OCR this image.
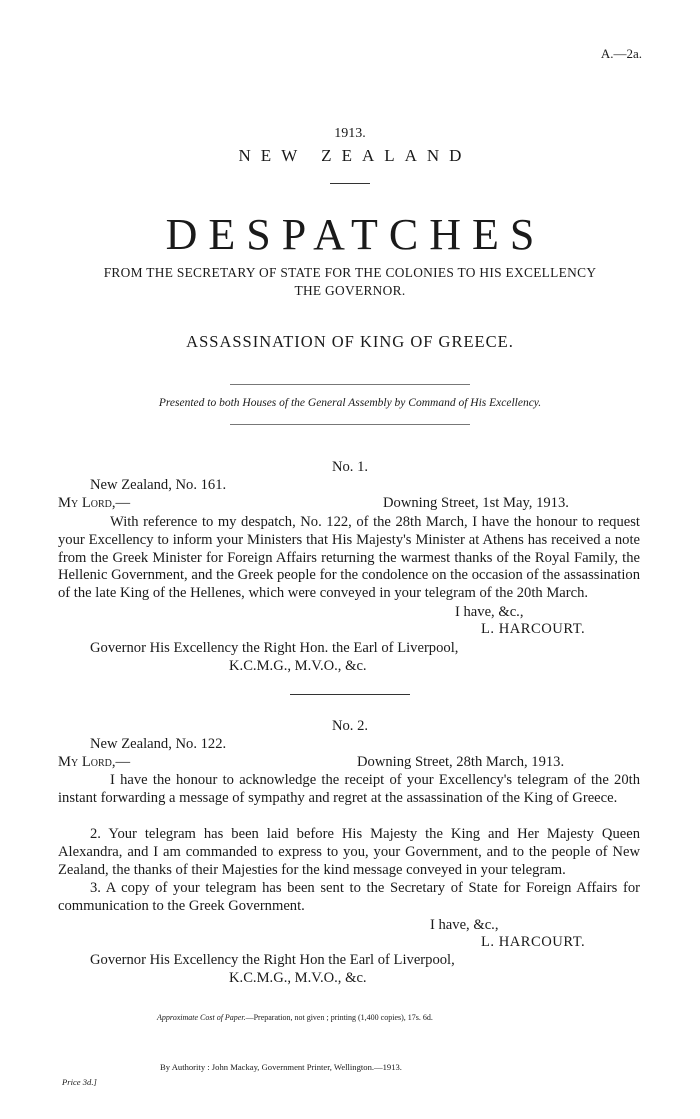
A.—2a.
1913.
NEW ZEALAND
DESPATCHES
FROM THE SECRETARY OF STATE FOR THE COLONIES TO HIS EXCELLENCY
THE GOVERNOR.
ASSASSINATION OF KING OF GREECE.
Presented to both Houses of the General Assembly by Command of His Excellency.
No. 1.
New Zealand, No. 161.
My Lord,—	Downing Street, 1st May, 1913.
With reference to my despatch, No. 122, of the 28th March, I have the honour to request your Excellency to inform your Ministers that His Majesty's Minister at Athens has received a note from the Greek Minister for Foreign Affairs returning the warmest thanks of the Royal Family, the Hellenic Government, and the Greek people for the condolence on the occasion of the assassination of the late King of the Hellenes, which were conveyed in your telegram of the 20th March.
I have, &c.,
L. HARCOURT.
Governor His Excellency the Right Hon. the Earl of Liverpool,
K.C.M.G., M.V.O., &c.
No. 2.
New Zealand, No. 122.
My Lord,—	Downing Street, 28th March, 1913.
I have the honour to acknowledge the receipt of your Excellency's telegram of the 20th instant forwarding a message of sympathy and regret at the assassination of the King of Greece.
2. Your telegram has been laid before His Majesty the King and Her Majesty Queen Alexandra, and I am commanded to express to you, your Government, and to the people of New Zealand, the thanks of their Majesties for the kind message conveyed in your telegram.
3. A copy of your telegram has been sent to the Secretary of State for Foreign Affairs for communication to the Greek Government.
I have, &c.,
L. HARCOURT.
Governor His Excellency the Right Hon the Earl of Liverpool,
K.C.M.G., M.V.O., &c.
Approximate Cost of Paper.—Preparation, not given ; printing (1,400 copies), 17s. 6d.
By Authority : John Mackay, Government Printer, Wellington.—1913.
Price 3d.]
